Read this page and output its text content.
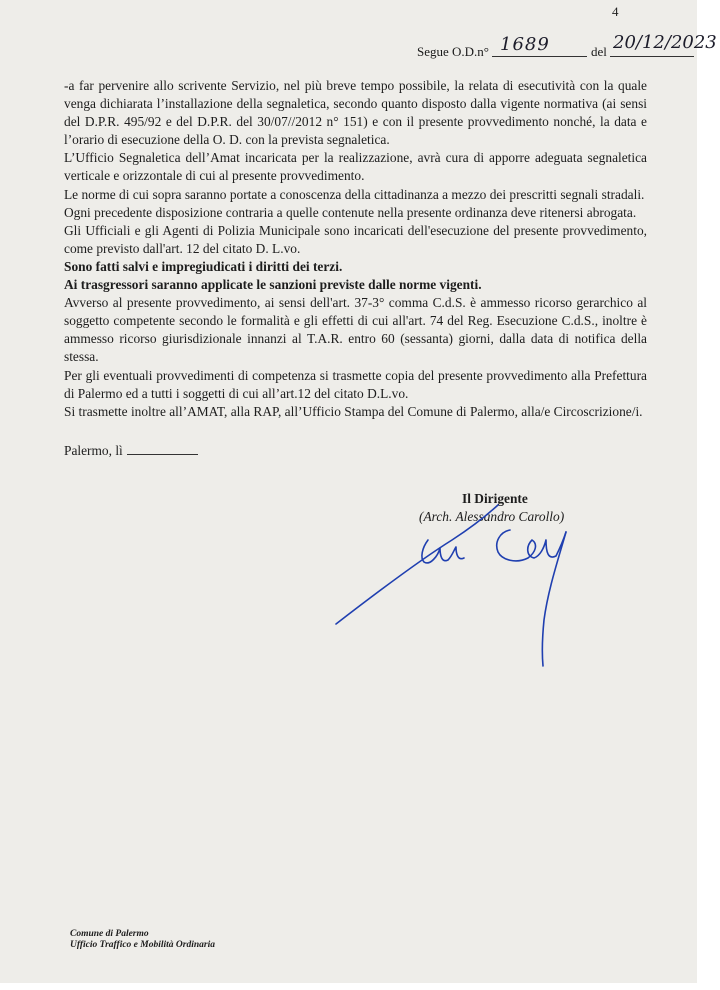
4
Segue O.D.n° 1689	del 20/12/2023

-a far pervenire allo scrivente Servizio, nel più breve tempo possibile, la relata di esecutività con la quale venga dichiarata l’installazione della segnaletica, secondo quanto disposto dalla vigente normativa (ai sensi del D.P.R. 495/92 e del D.P.R. del 30/07//2012 n° 151) e con il presente provvedimento nonché, la data e l’orario di esecuzione della O. D. con la prevista segnaletica.

L’Ufficio Segnaletica dell’Amat incaricata per la realizzazione, avrà cura di apporre adeguata segnaletica verticale e orizzontale di cui al presente provvedimento.

Le norme di cui sopra saranno portate a conoscenza della cittadinanza a mezzo dei prescritti segnali stradali.

Ogni precedente disposizione contraria a quelle contenute nella presente ordinanza deve ritenersi abrogata.

Gli Ufficiali e gli Agenti di Polizia Municipale sono incaricati dell'esecuzione del presente provvedimento, come previsto dall'art. 12 del citato D. L.vo.

Sono fatti salvi e impregiudicati i diritti dei terzi.

Ai trasgressori saranno applicate le sanzioni previste dalle norme vigenti.

Avverso al presente provvedimento, ai sensi dell'art. 37-3° comma C.d.S. è ammesso ricorso gerarchico al soggetto competente secondo le formalità e gli effetti di cui all'art. 74 del Reg. Esecuzione C.d.S., inoltre è ammesso ricorso giurisdizionale innanzi al T.A.R. entro 60 (sessanta) giorni, dalla data di notifica della stessa.

Per gli eventuali provvedimenti di competenza si trasmette copia del presente provvedimento alla Prefettura di Palermo ed a tutti i soggetti di cui all’art.12 del citato D.L.vo.

Si trasmette inoltre all’AMAT, alla RAP, all’Ufficio Stampa del Comune di Palermo, alla/e Circoscrizione/i.

Palermo, lì
Il Dirigente
(Arch. Alessandro Carollo)
Comune di Palermo
Ufficio Traffico e Mobilità Ordinaria
